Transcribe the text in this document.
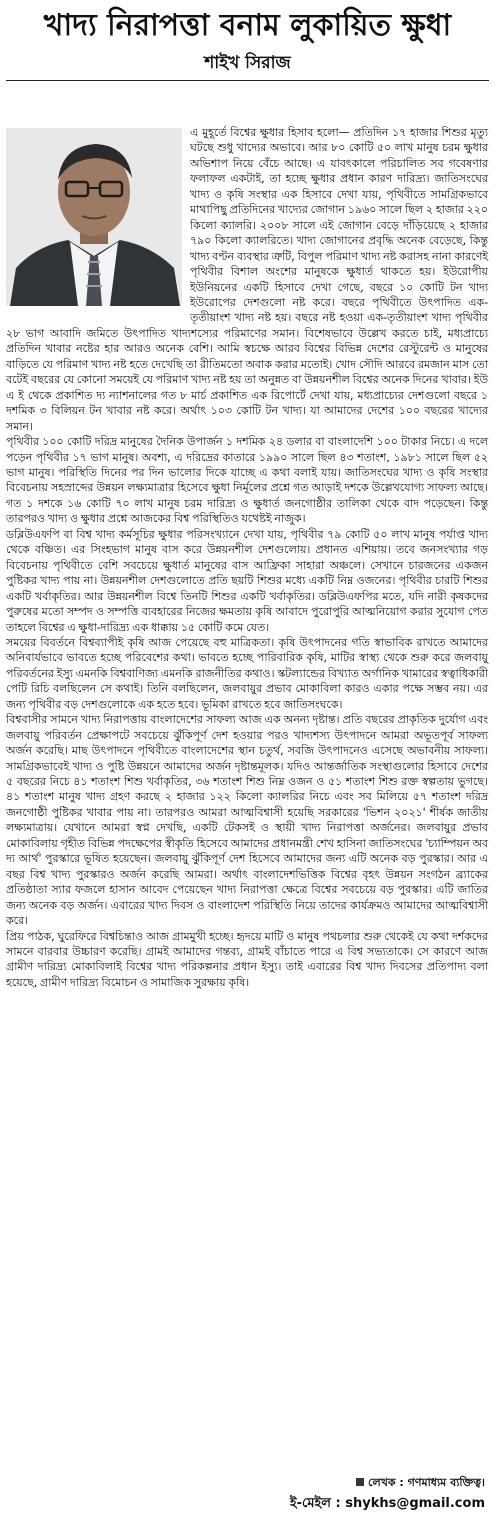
খাদ্য নিরাপত্তা বনাম লুকায়িত ক্ষুধা
শাইখ সিরাজ

এ মুহূর্তে বিশ্বের ক্ষুধার হিসাব হলো— প্রতিদিন ১৭ হাজার শিশুর মৃত্যু ঘটছে শুধু খাদ্যের অভাবে। আর ৮০ কোটি ৫০ লাখ মানুষ চরম ক্ষুধার অভিশাপ নিয়ে বেঁচে আছে। এ যাবৎকালে পরিচালিত সব গবেষণার ফলাফল একটাই, তা হচ্ছে ক্ষুধার প্রধান কারণ দারিদ্র্য। জাতিসংঘের খাদ্য ও কৃষি সংস্থার এক হিসাবে দেখা যায়, পৃথিবীতে সামগ্রিকভাবে মাথাপিছু প্রতিদিনের খাদ্যের জোগান ১৯৬০ সালে ছিল ২ হাজার ২২০ কিলো ক্যালরি। ২০০৮ সালে এই জোগান বেড়ে দাঁড়িয়েছে ২ হাজার ৭৯০ কিলো ক্যালরিতে। খাদ্য জোগানের প্রবৃদ্ধি অনেক বেড়েছে, কিন্তু খাদ্য বণ্টন ব্যবস্থার ত্রুটি, বিপুল পরিমাণ খাদ্য নষ্ট করাসহ নানা কারণেই পৃথিবীর বিশাল অংশের মানুষকে ক্ষুধার্ত থাকতে হয়। ইউরোপীয় ইউনিয়নের একটি হিসাবে দেখা গেছে, বছরে ১০ কোটি টন খাদ্য ইউরোপের দেশগুলো নষ্ট করে। বছরে পৃথিবীতে উৎপাদিত এক-তৃতীয়াংশ খাদ্য নষ্ট হয়। বছরে নষ্ট হওয়া এক-তৃতীয়াংশ খাদ্য পৃথিবীর ২৮ ভাগ আবাদি জমিতে উৎপাদিত খাদ্যশস্যের পরিমাণের সমান। বিশেষভাবে উল্লেখ করতে চাই, মধ্যপ্রাচ্যে প্রতিদিন খাবার নষ্টের হার আরও অনেক বেশি। আমি স্বচক্ষে আরব বিশ্বের বিভিন্ন দেশের রেস্টুরেন্ট ও মানুষের বাড়িতে যে পরিমাণ খাদ্য নষ্ট হতে দেখেছি তা রীতিমতো অবাক করার মতোই। খোদ সৌদি আরবে রমজান মাস তো বটেই বছরের যে কোনো সময়েই যে পরিমাণ খাদ্য নষ্ট হয় তা অনুন্নত বা উন্নয়নশীল বিশ্বের অনেক দিনের খাবার। ইউ এ ই থেকে প্রকাশিত দ্য ন্যাশনালের গত ৮ মার্চ প্রকাশিত এক রিপোর্টে দেখা যায়, মধ্যপ্রাচ্যের দেশগুলো বছরে ১ দশমিক ৩ বিলিয়ন টন খাবার নষ্ট করে। অর্থাৎ ১০৩ কোটি টন খাদ্য। যা আমাদের দেশের ১০০ বছরের খাদ্যের সমান।

পৃথিবীর ১০০ কোটি দরিদ্র মানুষের দৈনিক উপার্জন ১ দশমিক ২৪ ডলার বা বাংলাদেশি ১০০ টাকার নিচে। এ দলে পড়েন পৃথিবীর ১৭ ভাগ মানুষ। অবশ্য, এ দরিদ্রের কাতারে ১৯৯০ সালে ছিল ৪৩ শতাংশ, ১৯৮১ সালে ছিল ৫২ ভাগ মানুষ। পরিস্থিতি দিনের পর দিন ভালোর দিকে যাচ্ছে এ কথা বলাই যায়। জাতিসংঘের খাদ্য ও কৃষি সংস্থার বিবেচনায় সহস্রাব্দের উন্নয়ন লক্ষ্যমাত্রার হিসেবে ক্ষুধা নির্মূলের প্রশ্নে গত আড়াই দশকে উল্লেখযোগ্য সাফল্য আছে। গত ১ দশকে ১৬ কোটি ৭০ লাখ মানুষ চরম দারিদ্র্য ও ক্ষুধার্ত জনগোষ্ঠীর তালিকা থেকে বাদ পড়েছেন। কিন্তু তারপরও খাদ্য ও ক্ষুধার প্রশ্নে আজকের বিশ্ব পরিস্থিতিও যথেষ্টই নাজুক।

ডব্লিউএফপি বা বিশ্ব খাদ্য কর্মসূচির ক্ষুধার পরিসংখ্যানে দেখা যায়, পৃথিবীর ৭৯ কোটি ৫০ লাখ মানুষ পর্যাপ্ত খাদ্য থেকে বঞ্চিত। এর সিংহভাগ মানুষ বাস করে উন্নয়নশীল দেশগুলোয়। প্রধানত এশিয়ায়। তবে জনসংখ্যার গড় বিবেচনায় পৃথিবীতে বেশি সবচেয়ে ক্ষুধার্ত মানুষের বাস আফ্রিকা সাহারা অঞ্চলে। সেখানে চারজনের একজন পুষ্টিকর খাদ্য পায় না। উন্নয়নশীল দেশগুলোতে প্রতি ছয়টি শিশুর মধ্যে একটি নিম্ন ওজনের। পৃথিবীর চারটি শিশুর একটি খর্বাকৃতির। আর উন্নয়নশীল বিশ্বে তিনটি শিশুর একটি খর্বাকৃতির। ডব্লিউএফপির মতে, যদি নারী কৃষকদের পুরুষের মতো সম্পদ ও সম্পত্তি ব্যবহারের নিজের ক্ষমতায় কৃষি আবাদে পুরোপুরি আত্মনিয়োগ করার সুযোগ পেত তাহলে বিশ্বের এ ক্ষুধা-দারিদ্র্য এক ধাক্কায় ১৫ কোটি কমে যেত।

সময়ের বিবর্তনে বিশ্বব্যাপীই কৃষি আজ পেয়েছে বহু মাত্রিকতা। কৃষি উৎপাদনের গতি স্বাভাবিক রাখতে আমাদের অনিবার্যভাবে ভাবতে হচ্ছে পরিবেশের কথা। ভাবতে হচ্ছে পারিবারিক কৃষি, মাটির স্বাস্থ্য থেকে শুরু করে জলবায়ু পরিবর্তনের ইস্যু এমনকি বিশ্ববাণিজ্য এমনকি রাজনীতির কথাও। স্কটল্যান্ডের বিখ্যাত অর্গানিক খামারের স্বত্বাধিকারী পেটি রিচি বলছিলেন সে কথাই। তিনি বলছিলেন, জলবায়ুর প্রভাব মোকাবিলা কারও একার পক্ষে সম্ভব নয়। এর জন্য পৃথিবীর বড় দেশগুলোকে এক হতে হবে। ভূমিকা রাখতে হবে জাতিসংঘকে।

বিশ্ববাসীর সামনে খাদ্য নিরাপত্তায় বাংলাদেশের সাফল্য আজ এক অনন্য দৃষ্টান্ত। প্রতি বছরের প্রাকৃতিক দুর্যোগ এবং জলবায়ু পরিবর্তন প্রেক্ষাপটে সবচেয়ে ঝুঁকিপূর্ণ দেশ হওয়ার পরও খাদ্যশস্য উৎপাদনে আমরা অভূতপূর্ব সাফল্য অর্জন করেছি। মাছ উৎপাদনে পৃথিবীতে বাংলাদেশের স্থান চতুর্থ, সবজি উৎপাদনেও এসেছে অভাবনীয় সাফল্য। সামগ্রিকভাবেই খাদ্য ও পুষ্টি উন্নয়নে আমাদের অর্জন দৃষ্টান্তমূলক। যদিও আন্তর্জাতিক সংস্থাগুলোর হিসাবে দেশের ৫ বছরের নিচে ৪১ শতাংশ শিশু খর্বাকৃতির, ৩৬ শতাংশ শিশু নিম্ন ওজন ও ৫১ শতাংশ শিশু রক্ত স্বল্পতায় ভুগছে। ৪১ শতাংশ মানুষ খাদ্য গ্রহণ করছে ২ হাজার ১২২ কিলো ক্যালরির নিচে এবং সব মিলিয়ে ৫৭ শতাংশ দরিদ্র জনগোষ্ঠী পুষ্টিকর খাবার পায় না। তারপরও আমরা আত্মবিশ্বাসী হয়েছি সরকারের 'ভিশন ২০২১' শীর্ষক জাতীয় লক্ষ্যমাত্রায়। যেখানে আমরা স্বপ্ন দেখছি, একটি টেকসই ও স্থায়ী খাদ্য নিরাপত্তা অর্জনের। জলবায়ুর প্রভাব মোকাবিলায় গৃহীত বিভিন্ন পদক্ষেপের স্বীকৃতি হিসেবে আমাদের প্রধানমন্ত্রী শেখ হাসিনা জাতিসংঘের 'চ্যাম্পিয়ন অব দ্য আর্থ' পুরস্কারে ভূষিত হয়েছেন। জলবায়ু ঝুঁকিপূর্ণ দেশ হিসেবে আমাদের জন্য এটি অনেক বড় পুরস্কার। আর এ বছর বিশ্ব খাদ্য পুরস্কারও অর্জন করেছি আমরা। অর্থাৎ বাংলাদেশভিত্তিক বিশ্বের বৃহৎ উন্নয়ন সংগঠন ব্র্যাকের প্রতিষ্ঠাতা স্যার ফজলে হাসান আবেদ পেয়েছেন খাদ্য নিরাপত্তা ক্ষেত্রে বিশ্বের সবচেয়ে বড় পুরস্কার। এটি জাতির জন্য অনেক বড় অর্জন। এবারের খাদ্য দিবস ও বাংলাদেশ পরিস্থিতি নিয়ে তাদের কার্যক্রমও আমাদের আত্মবিশ্বাসী করে।

প্রিয় পাঠক, ঘুরেফিরে বিশ্বচিন্তাও আজ গ্রামমুখী হচ্ছে। হৃদয়ে মাটি ও মানুষ পথচলার শুরু থেকেই যে কথা দর্শকদের সামনে বারবার উচ্চারণ করেছি। গ্রামই আমাদের গন্তব্য, গ্রামই বাঁচাতে পারে এ বিশ্ব সভ্যতাকে। সে কারণে আজ গ্রামীণ দারিদ্র্য মোকাবিলাই বিশ্বের খাদ্য পরিকল্পনার প্রধান ইস্যু। তাই এবারের বিশ্ব খাদ্য দিবসের প্রতিপাদ্য বলা হয়েছে, গ্রামীণ দারিদ্র্য বিমোচন ও সামাজিক সুরক্ষায় কৃষি।

লেখক : গণমাধ্যম ব্যক্তিত্ব।
ই-মেইল : shykhs@gmail.com
